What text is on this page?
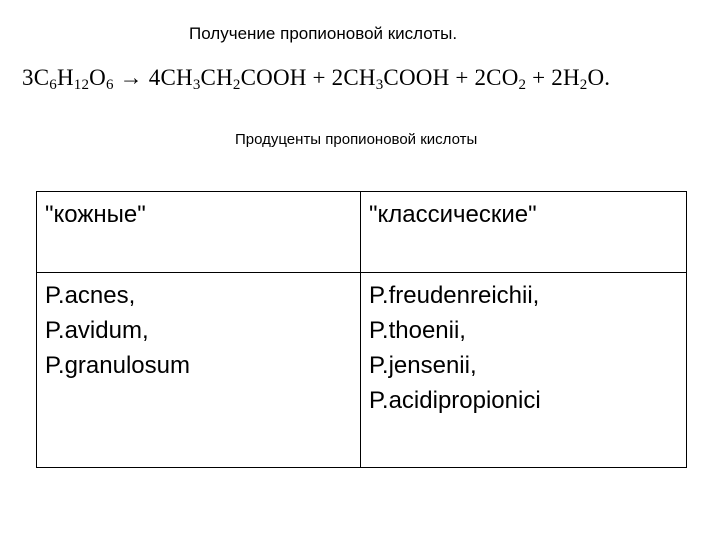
Получение пропионовой кислоты.
$3C_6H_{12}O_6$ → $4CH_3CH_2COOH$ + $2CH_3COOH + 2CO_2 + 2H_2O$.
Продуценты пропионовой кислоты
"кожные"	"классические"

P.acnes,
P.avidum,
P.granulosum	P.freudenreichii,
P.thoenii,
P.jensenii,
P.acidipropionici
